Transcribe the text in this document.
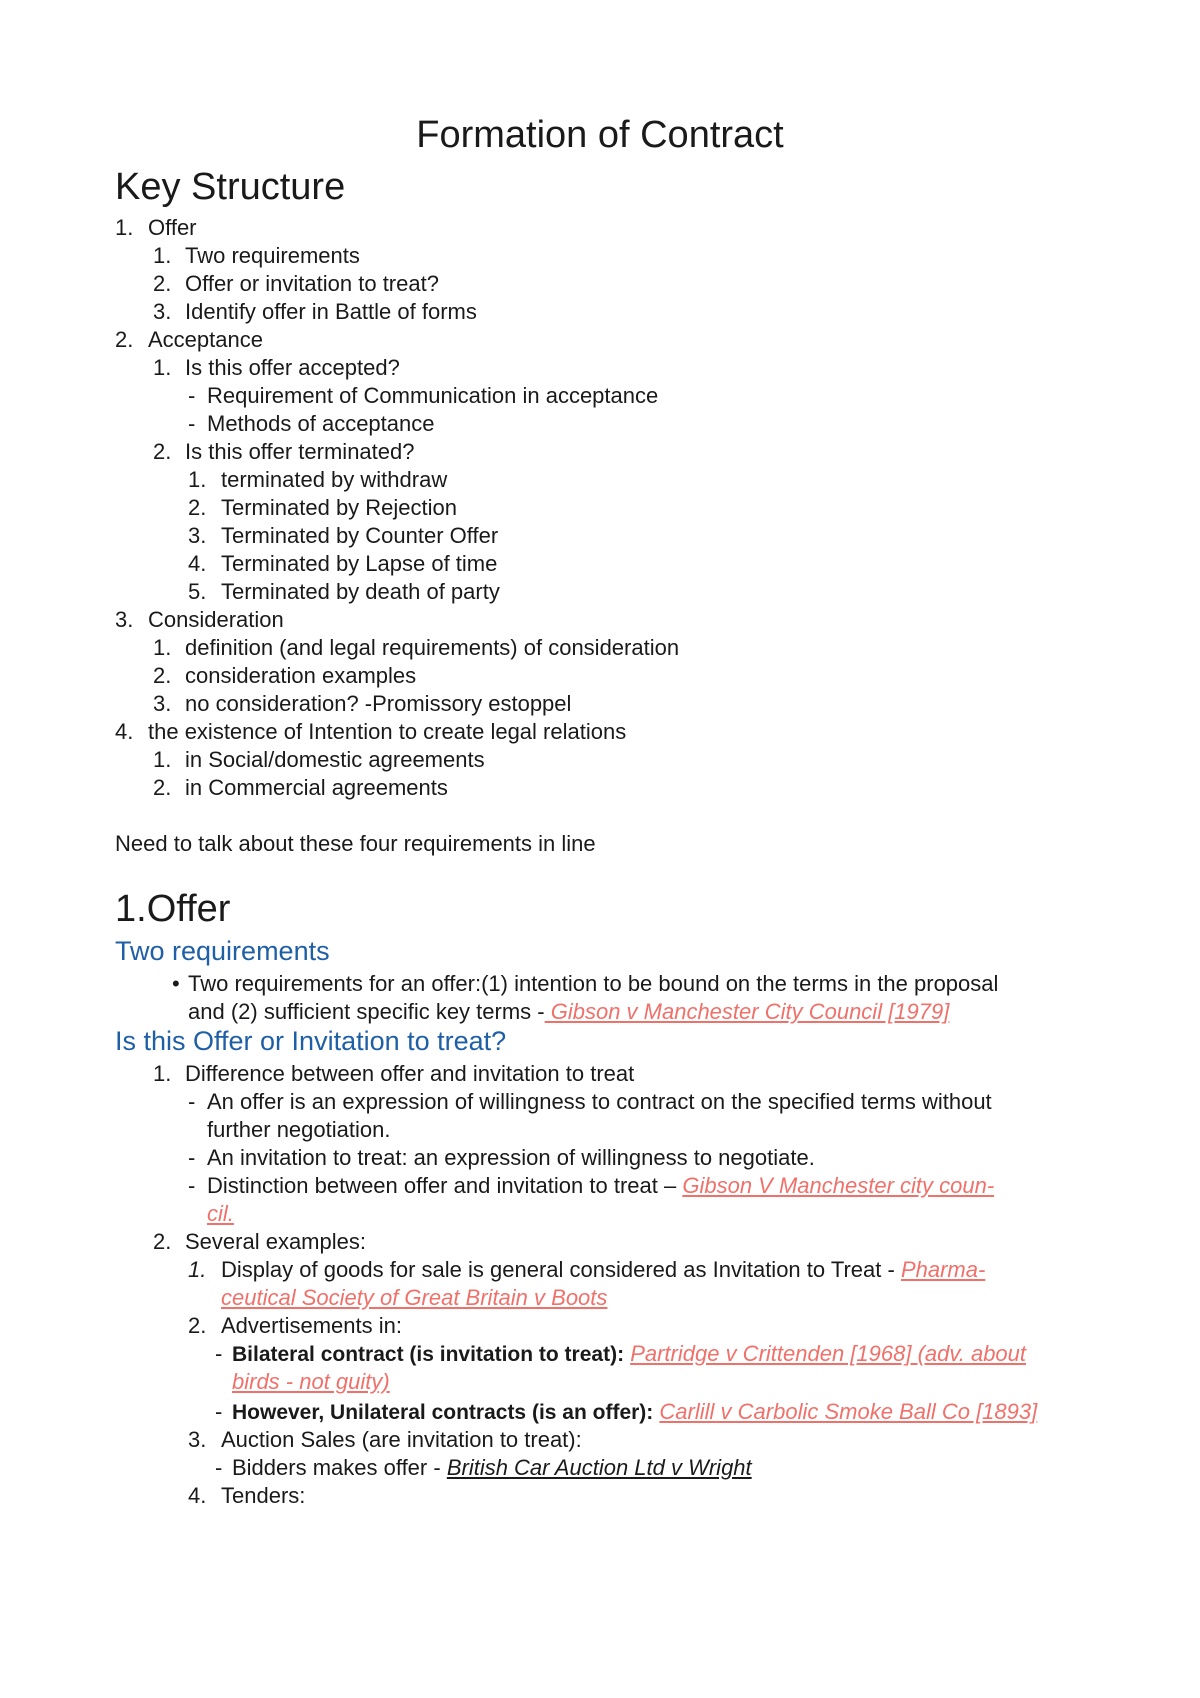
Formation of Contract
Key Structure
1. Offer
1. Two requirements
2. Offer or invitation to treat?
3. Identify offer in Battle of forms
2. Acceptance
1. Is this offer accepted?
- Requirement of Communication in acceptance
- Methods of acceptance
2. Is this offer terminated?
1. terminated by withdraw
2. Terminated by Rejection
3. Terminated by Counter Offer
4. Terminated by Lapse of time
5. Terminated by death of party
3. Consideration
1. definition (and legal requirements) of consideration
2. consideration examples
3. no consideration? -Promissory estoppel
4. the existence of Intention to create legal relations
1. in Social/domestic agreements
2. in Commercial agreements
Need to talk about these four requirements in line
1.Offer
Two requirements
• Two requirements for an offer:(1) intention to be bound on the terms in the proposal
and (2) sufficient specific key terms - Gibson v Manchester City Council [1979]
Is this Offer or Invitation to treat?
1. Difference between offer and invitation to treat
- An offer is an expression of willingness to contract on the specified terms without
further negotiation.
- An invitation to treat: an expression of willingness to negotiate.
- Distinction between offer and invitation to treat – Gibson V Manchester city coun-
cil.
2. Several examples:
1. Display of goods for sale is general considered as Invitation to Treat - Pharma-
ceutical Society of Great Britain v Boots
2. Advertisements in:
- Bilateral contract (is invitation to treat): Partridge v Crittenden [1968] (adv. about
birds - not guity)
- However, Unilateral contracts (is an offer): Carlill v Carbolic Smoke Ball Co [1893]
3. Auction Sales (are invitation to treat):
- Bidders makes offer - British Car Auction Ltd v Wright
4. Tenders:
